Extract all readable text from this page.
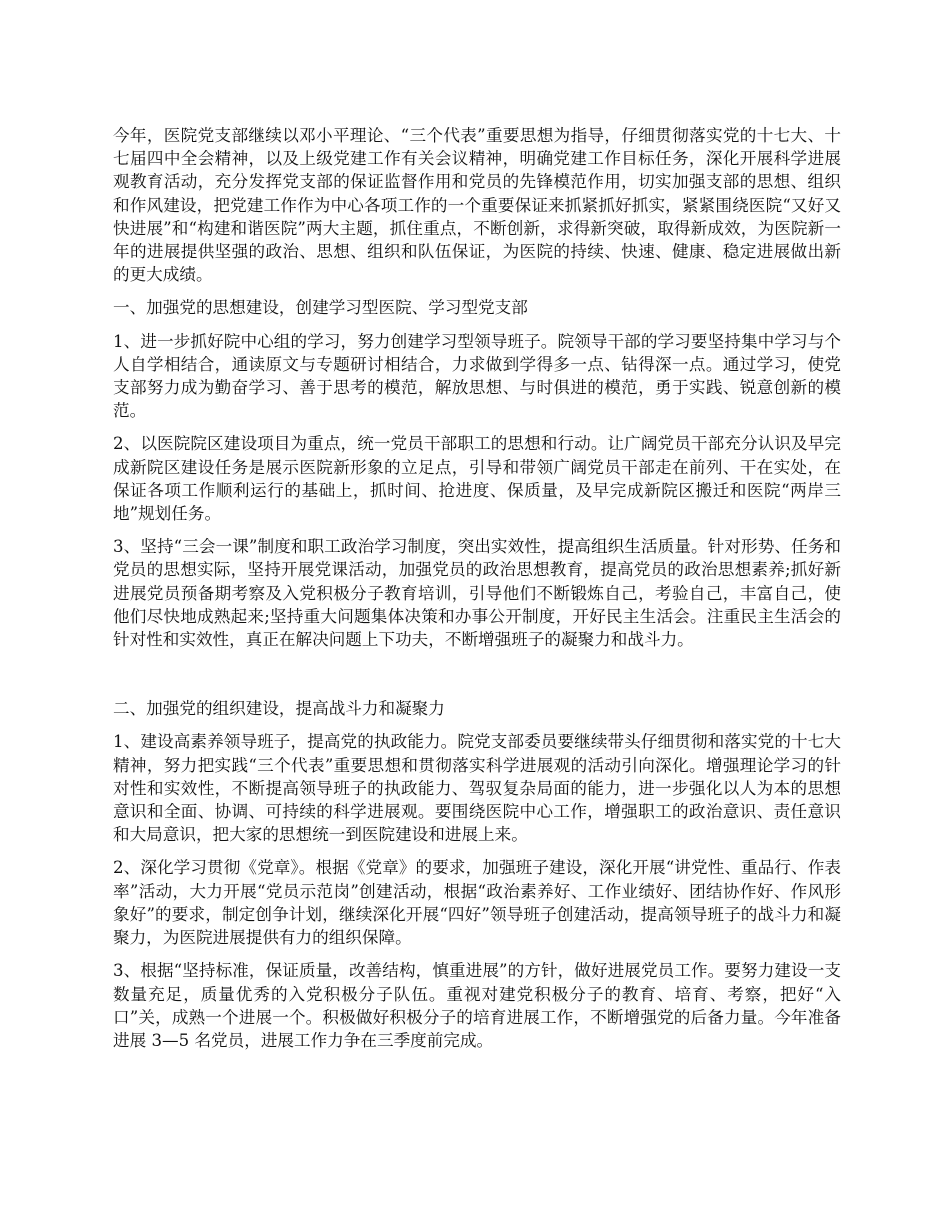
今年，医院党支部继续以邓小平理论、“三个代表”重要思想为指导，仔细贯彻落实党的十七大、十七届四中全会精神，以及上级党建工作有关会议精神，明确党建工作目标任务，深化开展科学进展观教育活动，充分发挥党支部的保证监督作用和党员的先锋模范作用，切实加强支部的思想、组织和作风建设，把党建工作作为中心各项工作的一个重要保证来抓紧抓好抓实，紧紧围绕医院“又好又快进展”和“构建和谐医院”两大主题，抓住重点，不断创新，求得新突破，取得新成效，为医院新一年的进展提供坚强的政治、思想、组织和队伍保证，为医院的持续、快速、健康、稳定进展做出新的更大成绩。

一、加强党的思想建设，创建学习型医院、学习型党支部

1、进一步抓好院中心组的学习，努力创建学习型领导班子。院领导干部的学习要坚持集中学习与个人自学相结合，通读原文与专题研讨相结合，力求做到学得多一点、钻得深一点。通过学习，使党支部努力成为勤奋学习、善于思考的模范，解放思想、与时俱进的模范，勇于实践、锐意创新的模范。

2、以医院院区建设项目为重点，统一党员干部职工的思想和行动。让广阔党员干部充分认识及早完成新院区建设任务是展示医院新形象的立足点，引导和带领广阔党员干部走在前列、干在实处，在保证各项工作顺利运行的基础上，抓时间、抢进度、保质量，及早完成新院区搬迁和医院“两岸三地”规划任务。

3、坚持“三会一课”制度和职工政治学习制度，突出实效性，提高组织生活质量。针对形势、任务和党员的思想实际，坚持开展党课活动，加强党员的政治思想教育，提高党员的政治思想素养;抓好新进展党员预备期考察及入党积极分子教育培训，引导他们不断锻炼自己，考验自己，丰富自己，使他们尽快地成熟起来;坚持重大问题集体决策和办事公开制度，开好民主生活会。注重民主生活会的针对性和实效性，真正在解决问题上下功夫，不断增强班子的凝聚力和战斗力。

二、加强党的组织建设，提高战斗力和凝聚力

1、建设高素养领导班子，提高党的执政能力。院党支部委员要继续带头仔细贯彻和落实党的十七大精神，努力把实践“三个代表”重要思想和贯彻落实科学进展观的活动引向深化。增强理论学习的针对性和实效性，不断提高领导班子的执政能力、驾驭复杂局面的能力，进一步强化以人为本的思想意识和全面、协调、可持续的科学进展观。要围绕医院中心工作，增强职工的政治意识、责任意识和大局意识，把大家的思想统一到医院建设和进展上来。

2、深化学习贯彻《党章》。根据《党章》的要求，加强班子建设，深化开展“讲党性、重品行、作表率”活动，大力开展“党员示范岗”创建活动，根据“政治素养好、工作业绩好、团结协作好、作风形象好”的要求，制定创争计划，继续深化开展“四好”领导班子创建活动，提高领导班子的战斗力和凝聚力，为医院进展提供有力的组织保障。

3、根据“坚持标准，保证质量，改善结构，慎重进展”的方针，做好进展党员工作。要努力建设一支数量充足，质量优秀的入党积极分子队伍。重视对建党积极分子的教育、培育、考察，把好“入口”关，成熟一个进展一个。积极做好积极分子的培育进展工作，不断增强党的后备力量。今年准备进展 3—5 名党员，进展工作力争在三季度前完成。
